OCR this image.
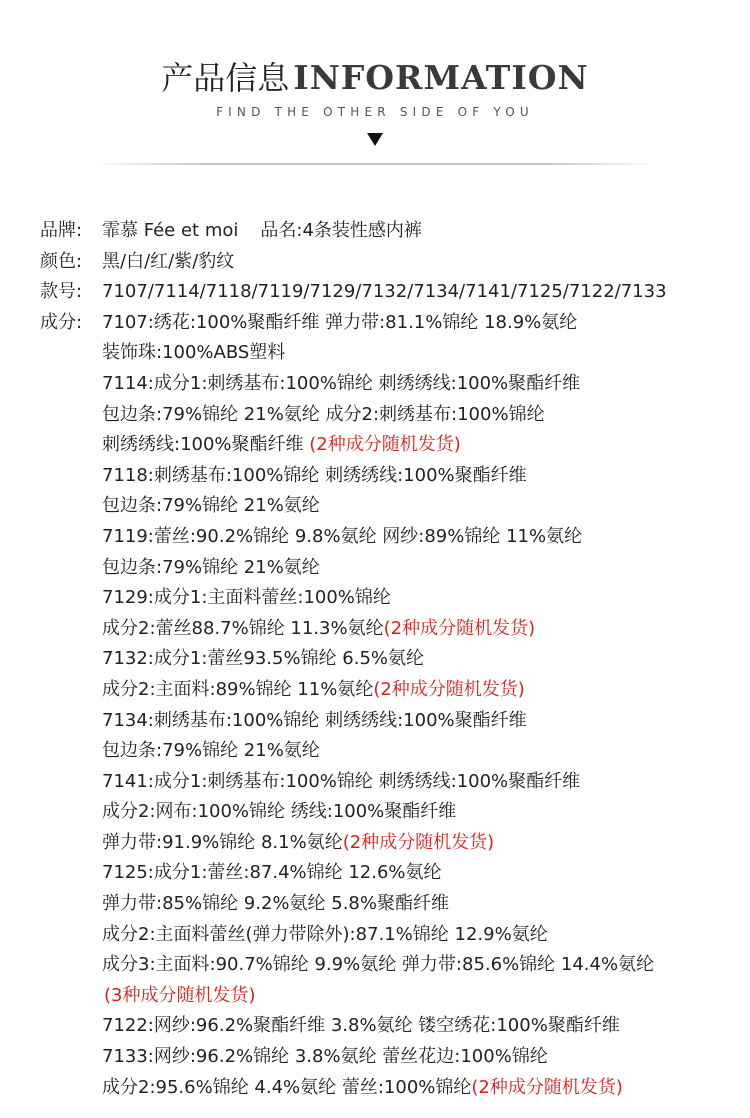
产品信息 INFORMATION
FIND THE OTHER SIDE OF YOU
品牌: 霏慕 Fée et moi 品名:4条装性感内裤
颜色: 黑/白/红/紫/豹纹
款号: 7107/7114/7118/7119/7129/7132/7134/7141/7125/7122/7133
成分: 7107:绣花:100%聚酯纤维 弹力带:81.1%锦纶 18.9%氨纶
装饰珠:100%ABS塑料
7114:成分1:刺绣基布:100%锦纶 刺绣绣线:100%聚酯纤维
包边条:79%锦纶 21%氨纶 成分2:刺绣基布:100%锦纶
刺绣绣线:100%聚酯纤维 (2种成分随机发货)
7118:刺绣基布:100%锦纶 刺绣绣线:100%聚酯纤维
包边条:79%锦纶 21%氨纶
7119:蕾丝:90.2%锦纶 9.8%氨纶 网纱:89%锦纶 11%氨纶
包边条:79%锦纶 21%氨纶
7129:成分1:主面料蕾丝:100%锦纶
成分2:蕾丝88.7%锦纶 11.3%氨纶(2种成分随机发货)
7132:成分1:蕾丝93.5%锦纶 6.5%氨纶
成分2:主面料:89%锦纶 11%氨纶(2种成分随机发货)
7134:刺绣基布:100%锦纶 刺绣绣线:100%聚酯纤维
包边条:79%锦纶 21%氨纶
7141:成分1:刺绣基布:100%锦纶 刺绣绣线:100%聚酯纤维
成分2:网布:100%锦纶 绣线:100%聚酯纤维
弹力带:91.9%锦纶 8.1%氨纶(2种成分随机发货)
7125:成分1:蕾丝:87.4%锦纶 12.6%氨纶
弹力带:85%锦纶 9.2%氨纶 5.8%聚酯纤维
成分2:主面料蕾丝(弹力带除外):87.1%锦纶 12.9%氨纶
成分3:主面料:90.7%锦纶 9.9%氨纶 弹力带:85.6%锦纶 14.4%氨纶
(3种成分随机发货)
7122:网纱:96.2%聚酯纤维 3.8%氨纶 镂空绣花:100%聚酯纤维
7133:网纱:96.2%锦纶 3.8%氨纶 蕾丝花边:100%锦纶
成分2:95.6%锦纶 4.4%氨纶 蕾丝:100%锦纶(2种成分随机发货)
